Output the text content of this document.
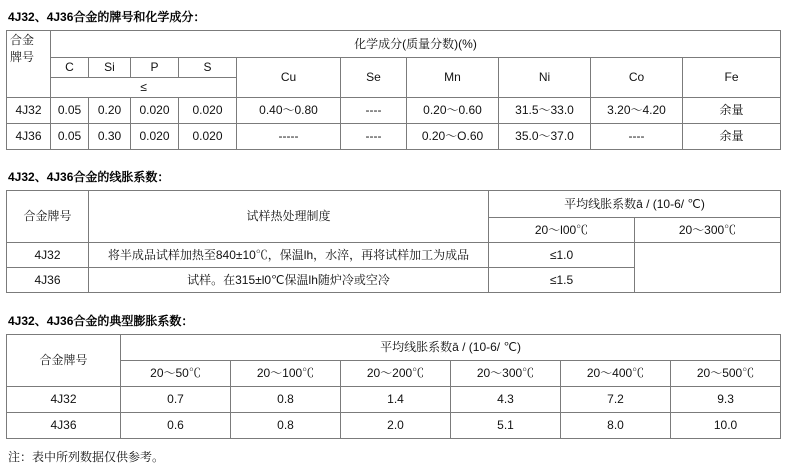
4J32、4J36合金的牌号和化学成分：
合金
牌号	化学成分(质量分数)(%)									
	C	Si	P	S	Cu	Se	Mn	Ni	Co	Fe
	≤									
4J32	0.05	0.20	0.020	0.020	0.40～0.80	----	0.20～0.60	31.5～33.0	3.20～4.20	余量
4J36	0.05	0.30	0.020	0.020	-----	----	0.20～O.60	35.0～37.0	----	余量
4J32、4J36合金的线胀系数：
合金牌号	试样热处理制度	平均线胀系数ā / (10-6/ ℃)	
		20～l00℃	20～300℃
4J32	将半成品试样加热至840±10℃，保温lh，水淬，再将试样加工为成品	≤1.0	
4J36	试样。在315±l0℃保温lh随炉冷或空冷	≤1.5	
4J32、4J36合金的典型膨胀系数：
合金牌号	平均线胀系数ā / (10-6/ ℃)					
	20～50℃	20～100℃	20～200℃	20～300℃	20～400℃	20～500℃
4J32	0.7	0.8	1.4	4.3	7.2	9.3
4J36	0.6	0.8	2.0	5.1	8.0	10.0
注：表中所列数据仅供参考。
